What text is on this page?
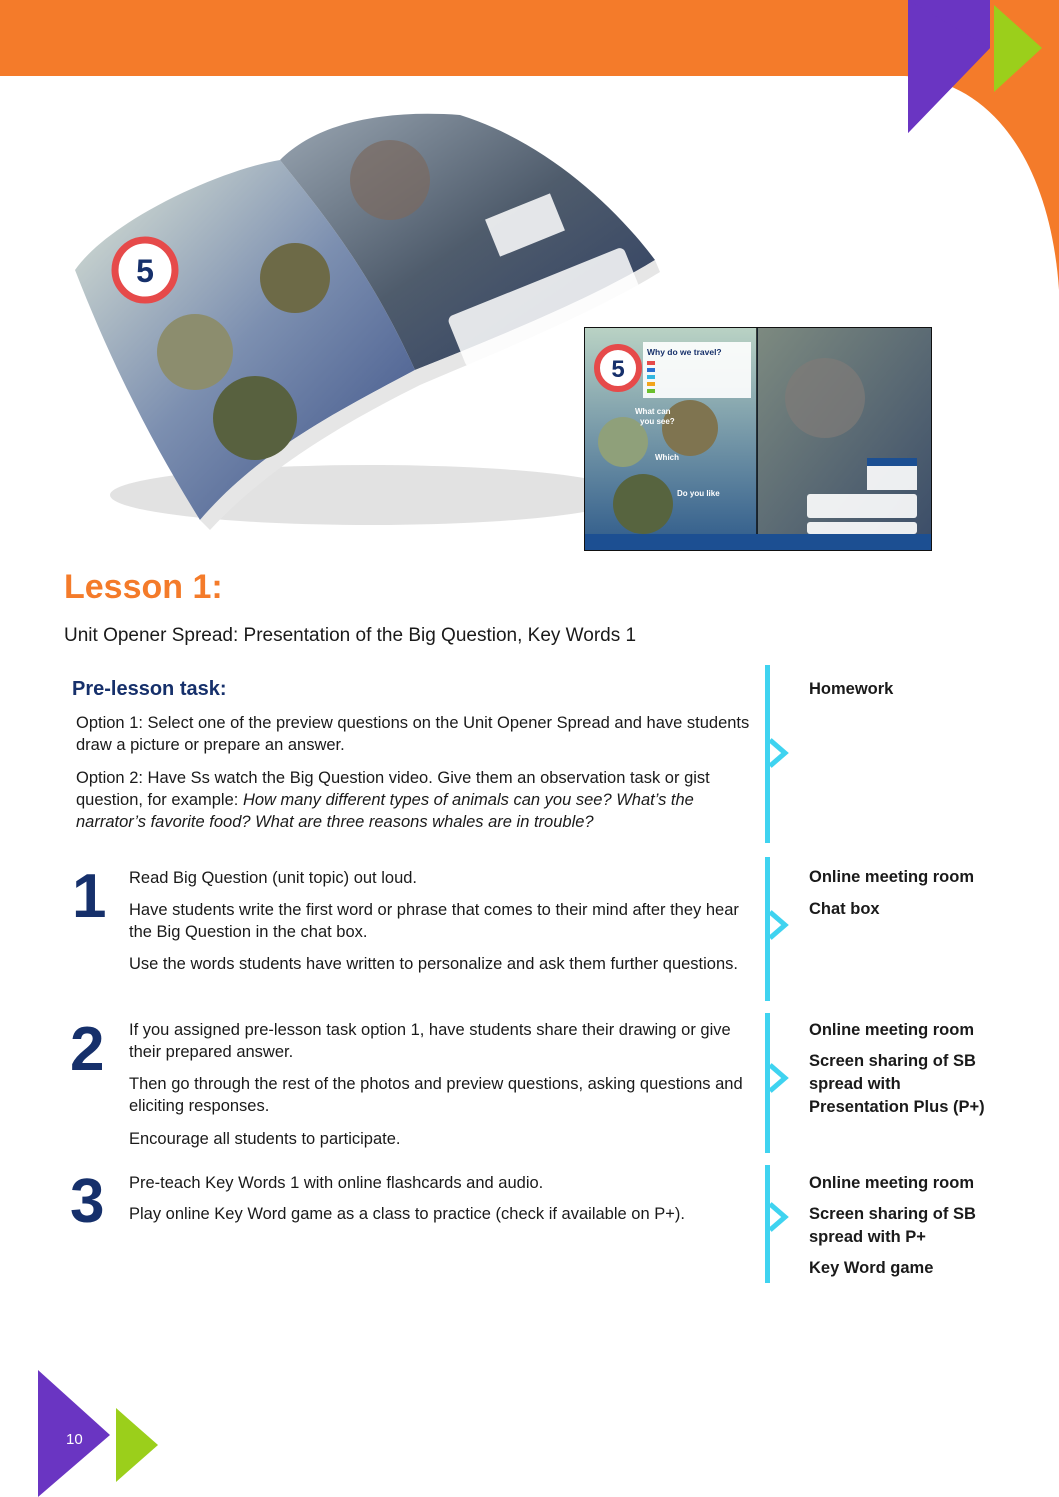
5
5
Why do we travel?
What can
you see?
Which
Do you like
Lesson 1:
Unit Opener Spread: Presentation of the Big Question, Key Words 1
Pre-lesson task:
Option 1: Select one of the preview questions on the Unit Opener Spread and have students draw a picture or prepare an answer.
Option 2: Have Ss watch the Big Question video. Give them an observation task or gist question, for example: How many different types of animals can you see? What’s the narrator’s favorite food? What are three reasons whales are in trouble?
Homework
1 Read Big Question (unit topic) out loud.
Have students write the first word or phrase that comes to their mind after they hear the Big Question in the chat box.
Use the words students have written to personalize and ask them further questions.
Online meeting room
Chat box
2 If you assigned pre-lesson task option 1, have students share their drawing or give their prepared answer.
Then go through the rest of the photos and preview questions, asking questions and eliciting responses.
Encourage all students to participate.
Online meeting room
Screen sharing of SB spread with Presentation Plus (P+)
3 Pre-teach Key Words 1 with online flashcards and audio.
Play online Key Word game as a class to practice (check if available on P+).
Online meeting room
Screen sharing of SB spread with P+
Key Word game
10
